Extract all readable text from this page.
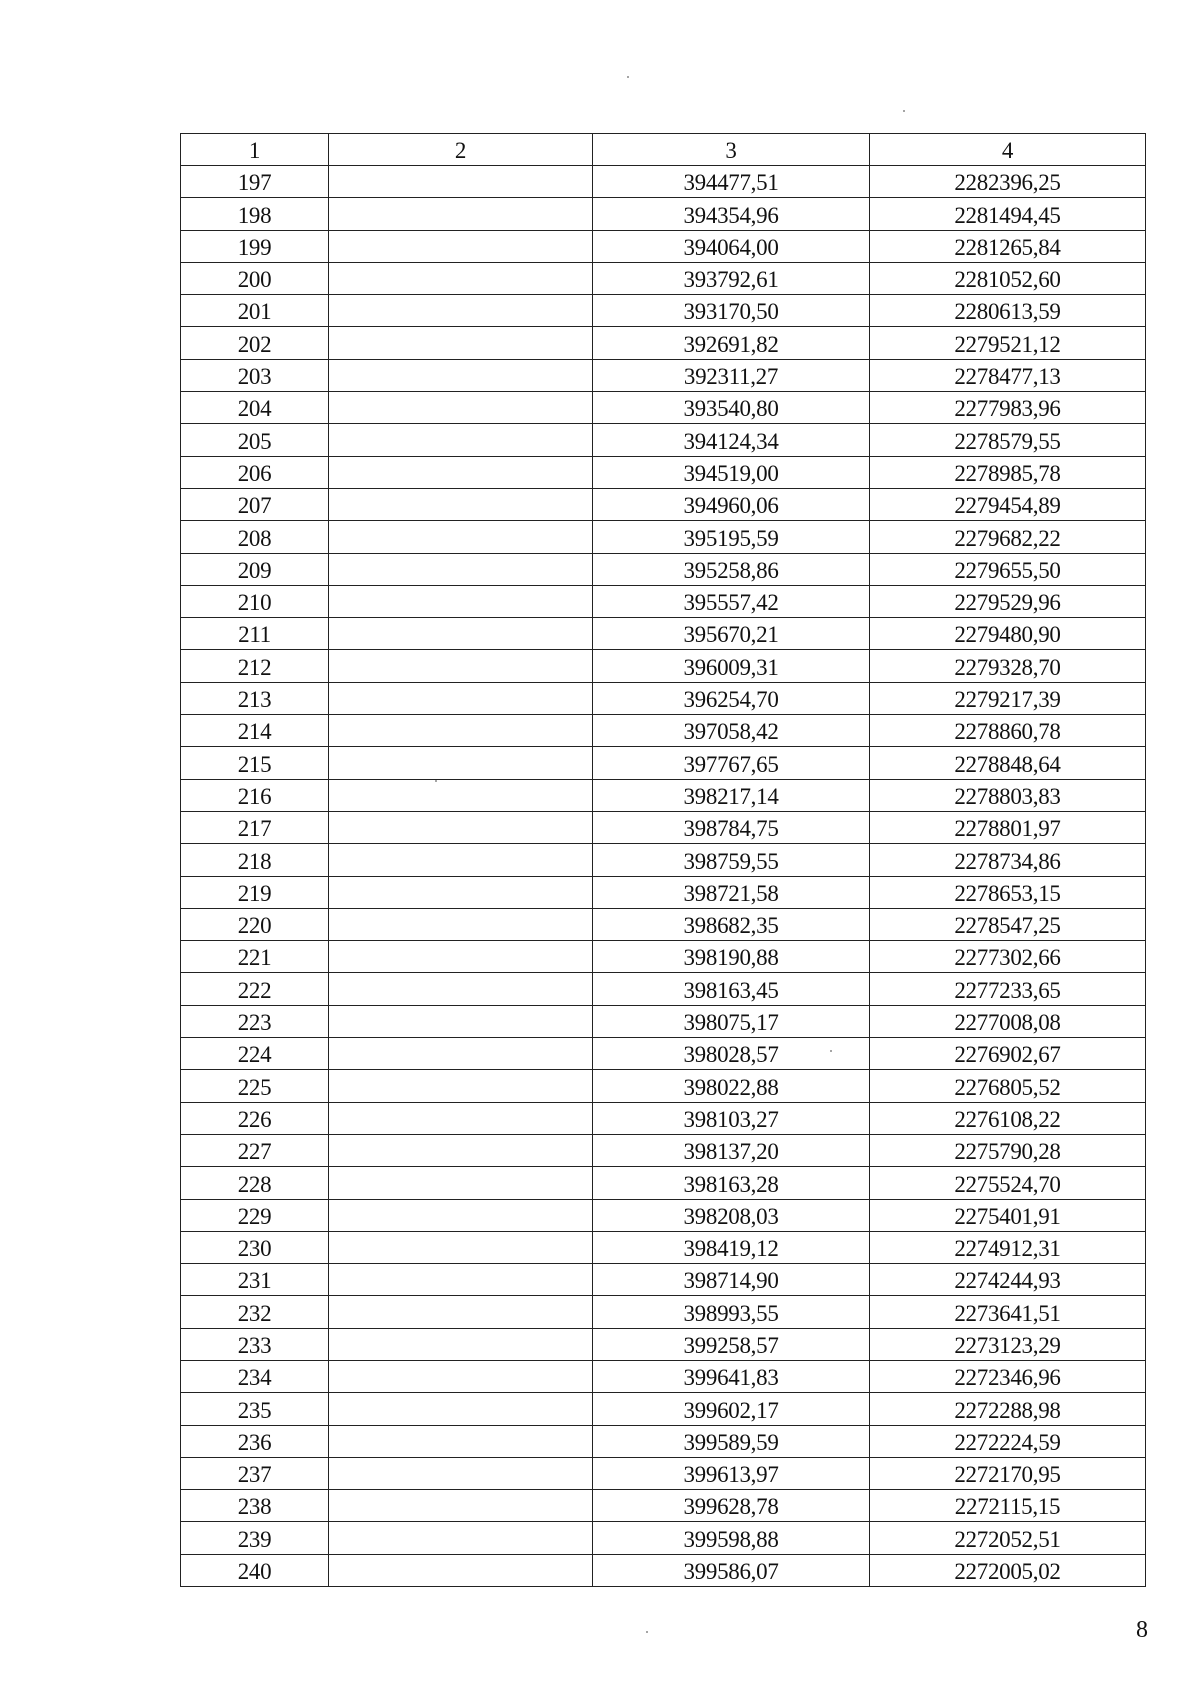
1	2	3	4
197		394477,51	2282396,25
198		394354,96	2281494,45
199		394064,00	2281265,84
200		393792,61	2281052,60
201		393170,50	2280613,59
202		392691,82	2279521,12
203		392311,27	2278477,13
204		393540,80	2277983,96
205		394124,34	2278579,55
206		394519,00	2278985,78
207		394960,06	2279454,89
208		395195,59	2279682,22
209		395258,86	2279655,50
210		395557,42	2279529,96
211		395670,21	2279480,90
212		396009,31	2279328,70
213		396254,70	2279217,39
214		397058,42	2278860,78
215		397767,65	2278848,64
216		398217,14	2278803,83
217		398784,75	2278801,97
218		398759,55	2278734,86
219		398721,58	2278653,15
220		398682,35	2278547,25
221		398190,88	2277302,66
222		398163,45	2277233,65
223		398075,17	2277008,08
224		398028,57	2276902,67
225		398022,88	2276805,52
226		398103,27	2276108,22
227		398137,20	2275790,28
228		398163,28	2275524,70
229		398208,03	2275401,91
230		398419,12	2274912,31
231		398714,90	2274244,93
232		398993,55	2273641,51
233		399258,57	2273123,29
234		399641,83	2272346,96
235		399602,17	2272288,98
236		399589,59	2272224,59
237		399613,97	2272170,95
238		399628,78	2272115,15
239		399598,88	2272052,51
240		399586,07	2272005,02
8
